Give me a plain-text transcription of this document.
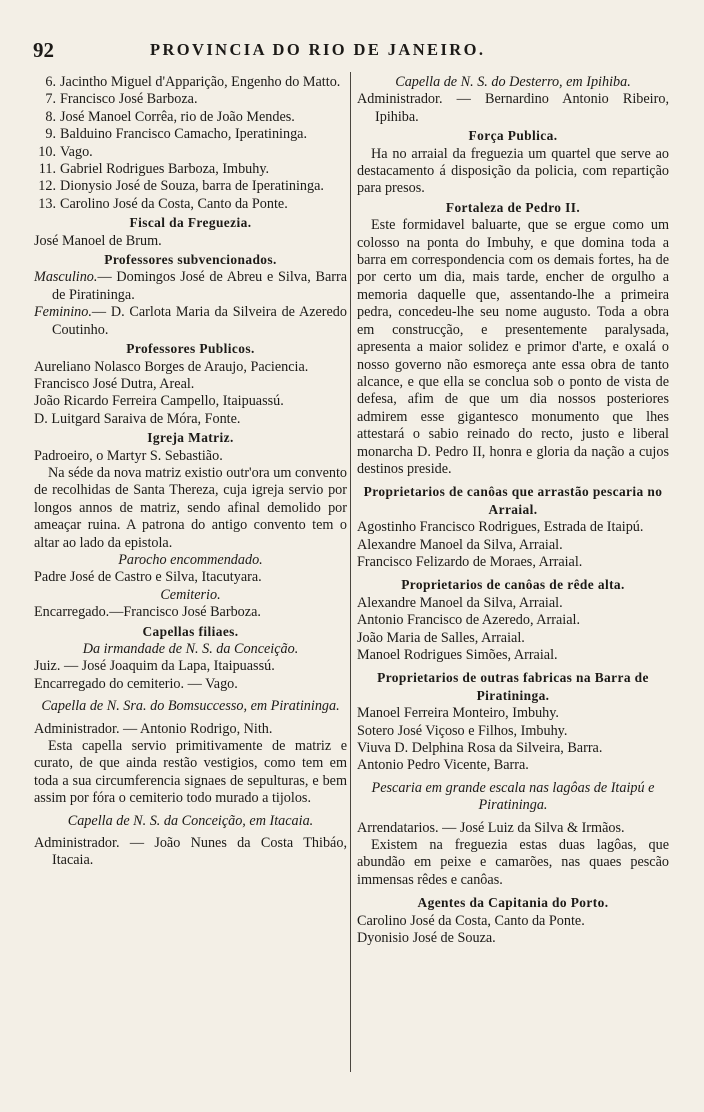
92	PROVINCIA DO RIO DE JANEIRO.
6. Jacintho Miguel d'Apparição, Engenho do Matto.
7. Francisco José Barboza.
8. José Manoel Corrêa, rio de João Mendes.
9. Balduino Francisco Camacho, Iperatininga.
10. Vago.
11. Gabriel Rodrigues Barboza, Imbuhy.
12. Dionysio José de Souza, barra de Iperatininga.
13. Carolino José da Costa, Canto da Ponte.
Fiscal da Freguezia.
José Manoel de Brum.
Professores subvencionados.
Masculino.— Domingos José de Abreu e Silva, Barra de Piratininga.
Feminino.— D. Carlota Maria da Silveira de Azeredo Coutinho.
Professores Publicos.
Aureliano Nolasco Borges de Araujo, Paciencia.
Francisco José Dutra, Areal.
João Ricardo Ferreira Campello, Itaipuassú.
D. Luitgard Saraiva de Móra, Fonte.
Igreja Matriz.
Padroeiro, o Martyr S. Sebastião.
Na séde da nova matriz existio outr'ora um convento de recolhidas de Santa Thereza, cuja igreja servio por longos annos de matriz, sendo afinal demolido por ameaçar ruina. A patrona do antigo convento tem o altar ao lado da epistola.
Parocho encommendado.
Padre José de Castro e Silva, Itacutyara.
Cemiterio.
Encarregado.—Francisco José Barboza.
Capellas filiaes.
Da irmandade de N. S. da Conceição.
Juiz. — José Joaquim da Lapa, Itaipuassú.
Encarregado do cemiterio. — Vago.
Capella de N. Sra. do Bomsuccesso, em Piratininga.
Administrador. — Antonio Rodrigo, Nith.
Esta capella servio primitivamente de matriz e curato, de que ainda restão vestigios, como tem em toda a sua circumferencia signaes de sepulturas, e bem assim por fóra o cemiterio todo murado a tijolos.
Capella de N. S. da Conceição, em Itacaia.
Administrador. — João Nunes da Costa Thibáo, Itacaia.
Capella de N. S. do Desterro, em Ipihiba.
Administrador. — Bernardino Antonio Ribeiro, Ipihiba.
Força Publica.
Ha no arraial da freguezia um quartel que serve ao destacamento á disposição da policia, com repartição para presos.
Fortaleza de Pedro II.
Este formidavel baluarte, que se ergue como um colosso na ponta do Imbuhy, e que domina toda a barra em correspondencia com os demais fortes, ha de por certo um dia, mais tarde, encher de orgulho a memoria daquelle que, assentando-lhe a primeira pedra, concedeu-lhe seu nome augusto. Toda a obra em construcção, e presentemente paralysada, apresenta a maior solidez e primor d'arte, e oxalá o nosso governo não esmoreça ante essa obra de tanto alcance, e que ella se conclua sob o ponto de vista de defesa, afim de que um dia nossos posteriores admirem esse gigantesco monumento que lhes attestará o sabio reinado do recto, justo e liberal monarcha D. Pedro II, honra e gloria da nação a cujos destinos preside.
Proprietarios de canôas que arrastão pescaria no Arraial.
Agostinho Francisco Rodrigues, Estrada de Itaipú.
Alexandre Manoel da Silva, Arraial.
Francisco Felizardo de Moraes, Arraial.
Proprietarios de canôas de rêde alta.
Alexandre Manoel da Silva, Arraial.
Antonio Francisco de Azeredo, Arraial.
João Maria de Salles, Arraial.
Manoel Rodrigues Simões, Arraial.
Proprietarios de outras fabricas na Barra de Piratininga.
Manoel Ferreira Monteiro, Imbuhy.
Sotero José Viçoso e Filhos, Imbuhy.
Viuva D. Delphina Rosa da Silveira, Barra.
Antonio Pedro Vicente, Barra.
Pescaria em grande escala nas lagôas de Itaipú e Piratininga.
Arrendatarios. — José Luiz da Silva & Irmãos.
Existem na freguezia estas duas lagôas, que abundão em peixe e camarões, nas quaes pescão immensas rêdes e canôas.
Agentes da Capitania do Porto.
Carolino José da Costa, Canto da Ponte.
Dyonisio José de Souza.
